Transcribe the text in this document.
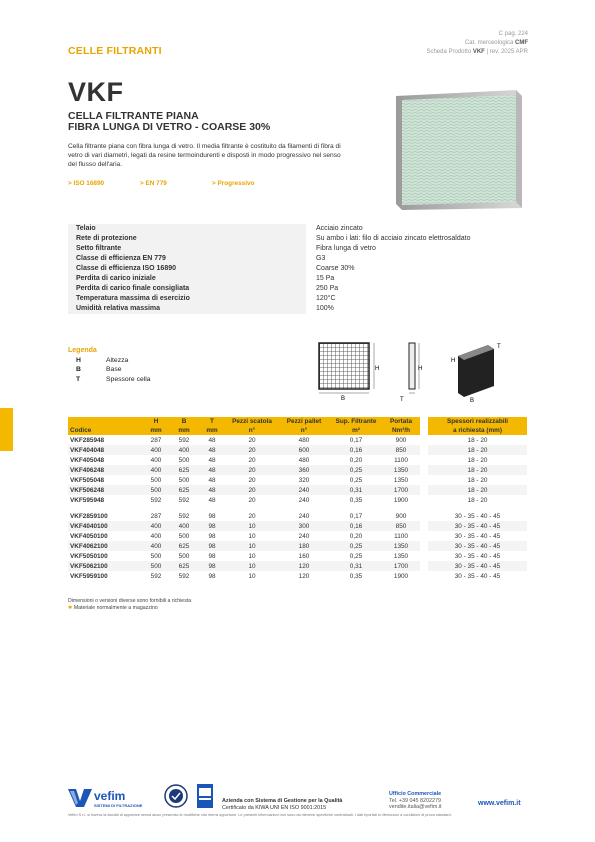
CELLE FILTRANTI
C pag. 224
Cat. merceologica CMF
Scheda Prodotto VKF | rev. 2025 APR
VKF
CELLA FILTRANTE PIANA
FIBRA LUNGA DI VETRO - COARSE 30%
Cella filtrante piana con fibra lunga di vetro. Il media filtrante è costituito da filamenti di fibra di vetro di vari diametri, legati da resine termoindurenti e disposti in modo progressivo nel senso del flusso dell'aria.
> ISO 16890	> EN 779	> Progressivo
Telaio	Acciaio zincato
Rete di protezione	Su ambo i lati: filo di acciaio zincato elettrosaldato
Setto filtrante	Fibra lunga di vetro
Classe di efficienza EN 779	G3
Classe di efficienza ISO 16890	Coarse 30%
Perdita di carico iniziale	15 Pa
Perdita di carico finale consigliata	250 Pa
Temperatura massima di esercizio	120°C
Umidità relativa massima	100%
Legenda
H	Altezza
B	Base
T	Spessore cella
B
H
T
H
H
T
B
	H	B	T	Pezzi scatola	Pezzi pallet	Sup. Filtrante	Portata		Spessori realizzabili
Codice	mm	mm	mm	n°	n°	m²	Nm³/h		a richiesta (mm)
VKF285948	287	592	48	20	480	0,17	900		18 - 20
VKF404048	400	400	48	20	600	0,16	850		18 - 20
VKF405048	400	500	48	20	480	0,20	1100		18 - 20
VKF406248	400	625	48	20	360	0,25	1350		18 - 20
VKF505048	500	500	48	20	320	0,25	1350		18 - 20
VKF506248	500	625	48	20	240	0,31	1700		18 - 20
VKF595948	592	592	48	20	240	0,35	1900		18 - 20

VKF2859100	287	592	98	20	240	0,17	900		30 - 35 - 40 - 45
VKF4040100	400	400	98	10	300	0,16	850		30 - 35 - 40 - 45
VKF4050100	400	500	98	10	240	0,20	1100		30 - 35 - 40 - 45
VKF4062100	400	625	98	10	180	0,25	1350		30 - 35 - 40 - 45
VKF5050100	500	500	98	10	160	0,25	1350		30 - 35 - 40 - 45
VKF5062100	500	625	98	10	120	0,31	1700		30 - 35 - 40 - 45
VKF5959100	592	592	98	10	120	0,35	1900		30 - 35 - 40 - 45
Dimensioni o versioni diverse sono fornibili a richiesta
✱ Materiale normalmente a magazzino
vefim
SISTEMI DI FILTRAZIONE
Azienda con Sistema di Gestione per la Qualità
Certificato da KIWA UNI EN ISO 9001:2015
Ufficio Commerciale
Tel. +39 045 8202279
vendite.italia@vefim.it	www.vefim.it
Vefim S.r.l. si riserva la facoltà di apportare senza alcun preavviso le modifiche che riterrà opportune. Le presenti informazioni non sono da ritenersi specifiche contrattuali. I dati riportati si riferiscono a condizioni di prova standard.
